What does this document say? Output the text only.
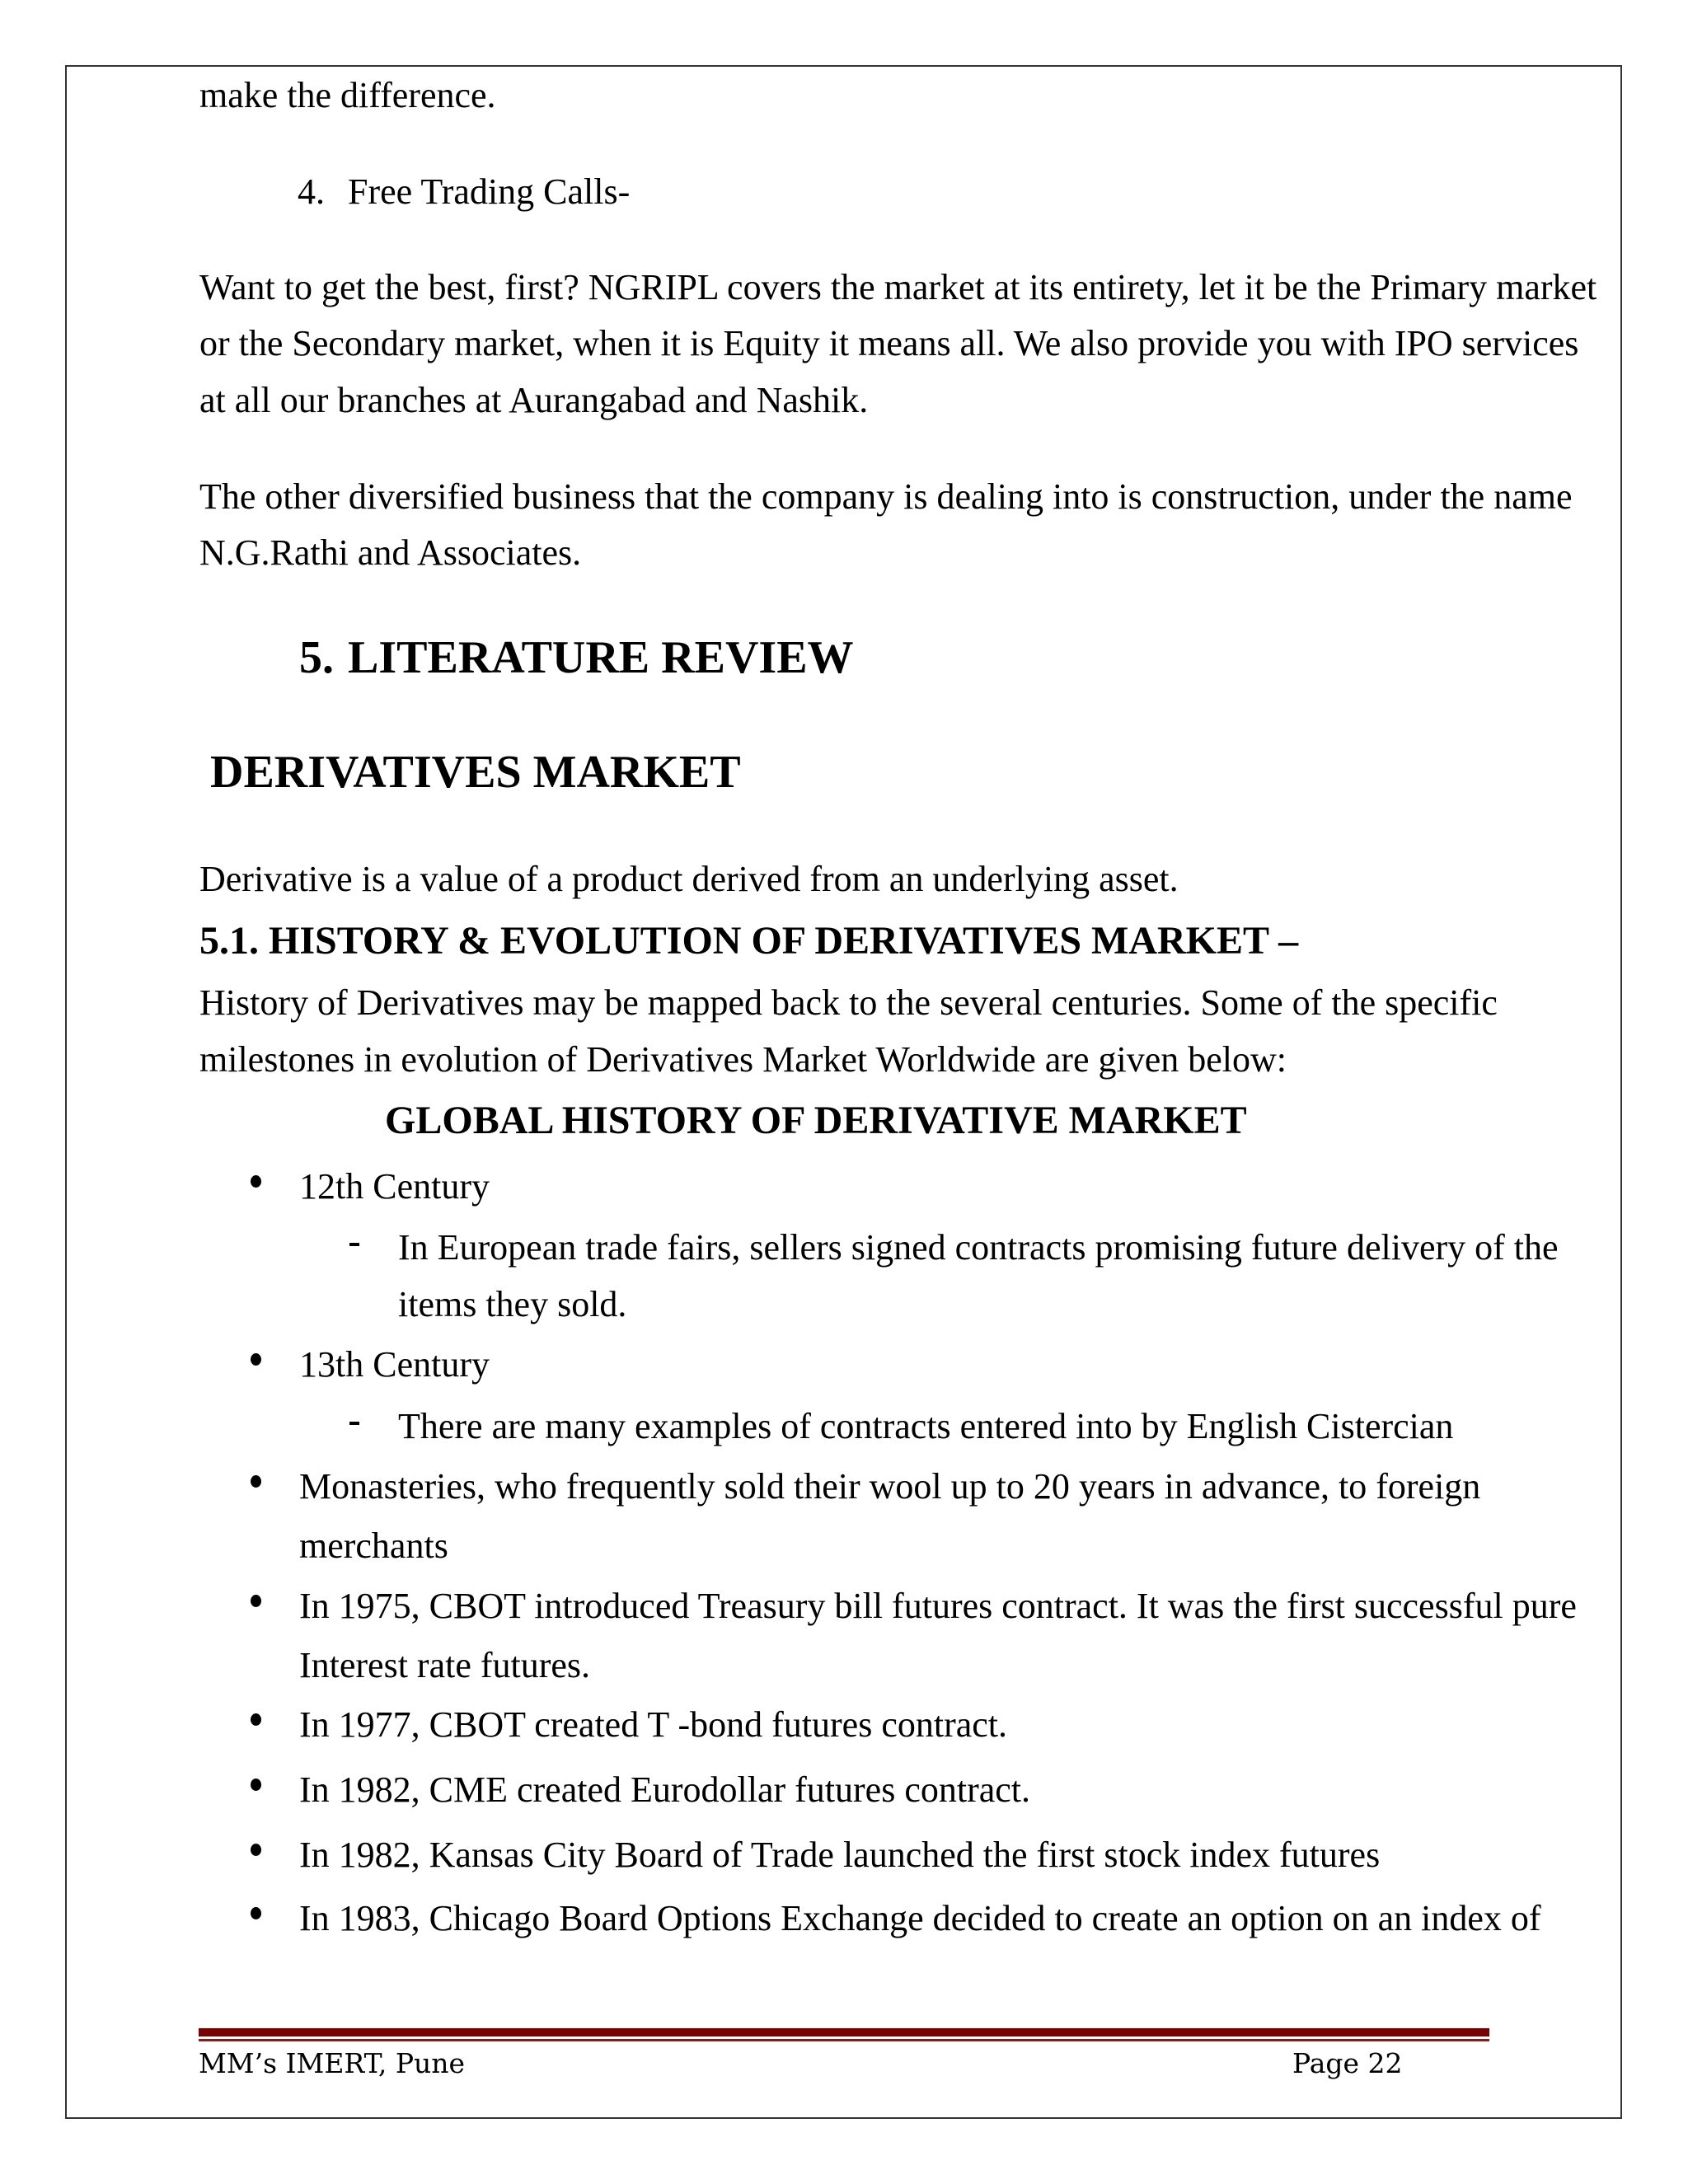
make the difference.
4. Free Trading Calls-
Want to get the best, first? NGRIPL covers the market at its entirety, let it be the Primary market
or the Secondary market, when it is Equity it means all. We also provide you with IPO services
at all our branches at Aurangabad and Nashik.
The other diversified business that the company is dealing into is construction, under the name
N.G.Rathi and Associates.
5. LITERATURE REVIEW
DERIVATIVES MARKET
Derivative is a value of a product derived from an underlying asset.
5.1. HISTORY & EVOLUTION OF DERIVATIVES MARKET –
History of Derivatives may be mapped back to the several centuries. Some of the specific
milestones in evolution of Derivatives Market Worldwide are given below:
GLOBAL HISTORY OF DERIVATIVE MARKET
12th Century
In European trade fairs, sellers signed contracts promising future delivery of the
items they sold.
13th Century
There are many examples of contracts entered into by English Cistercian
Monasteries, who frequently sold their wool up to 20 years in advance, to foreign
merchants
In 1975, CBOT introduced Treasury bill futures contract. It was the first successful pure
Interest rate futures.
In 1977, CBOT created T -bond futures contract.
In 1982, CME created Eurodollar futures contract.
In 1982, Kansas City Board of Trade launched the first stock index futures
In 1983, Chicago Board Options Exchange decided to create an option on an index of
MM’s IMERT, Pune	Page 22
